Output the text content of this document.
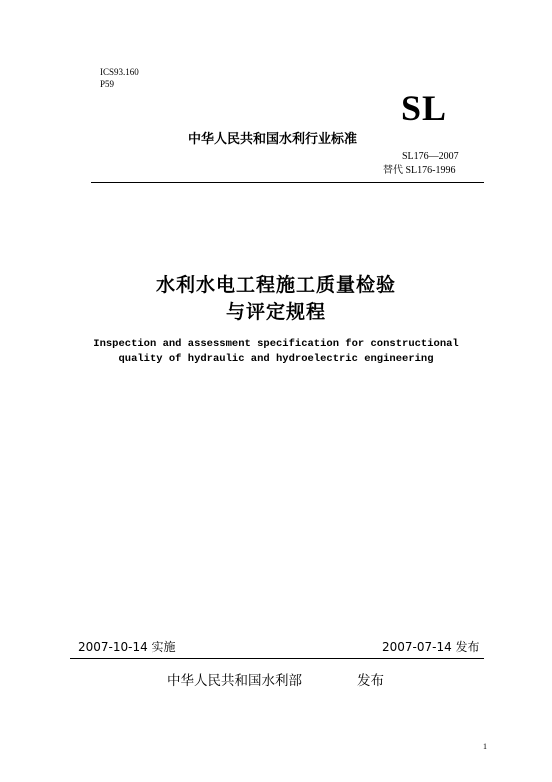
ICS93.160
P59
SL
中华人民共和国水利行业标准
SL176—2007
替代 SL176-1996
水利水电工程施工质量检验
与评定规程
Inspection and assessment specification for constructional
quality of hydraulic and hydroelectric engineering
2007-10-14 实施	2007-07-14 发布
中华人民共和国水利部	发布
1
